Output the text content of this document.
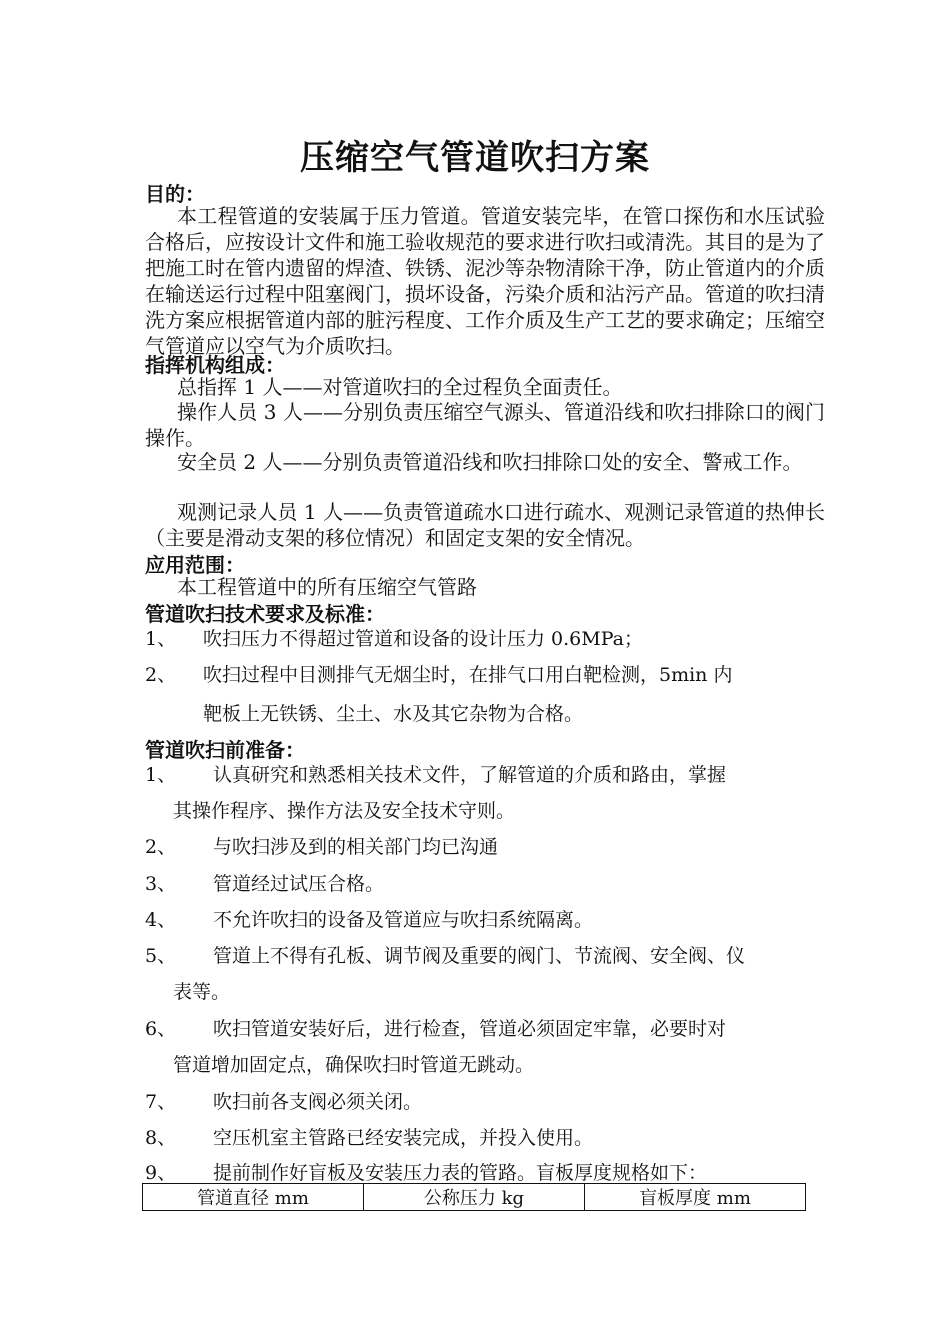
压缩空气管道吹扫方案
目的：
本工程管道的安装属于压力管道。管道安装完毕，在管口探伤和水压试验合格后，应按设计文件和施工验收规范的要求进行吹扫或清洗。其目的是为了把施工时在管内遗留的焊渣、铁锈、泥沙等杂物清除干净，防止管道内的介质在输送运行过程中阻塞阀门，损坏设备，污染介质和沾污产品。管道的吹扫清洗方案应根据管道内部的脏污程度、工作介质及生产工艺的要求确定；压缩空气管道应以空气为介质吹扫。
指挥机构组成：
总指挥 1 人——对管道吹扫的全过程负全面责任。
操作人员 3 人——分别负责压缩空气源头、管道沿线和吹扫排除口的阀门操作。
安全员 2 人——分别负责管道沿线和吹扫排除口处的安全、警戒工作。
观测记录人员 1 人——负责管道疏水口进行疏水、观测记录管道的热伸长（主要是滑动支架的移位情况）和固定支架的安全情况。
应用范围：
本工程管道中的所有压缩空气管路
管道吹扫技术要求及标准：
1、	吹扫压力不得超过管道和设备的设计压力 0.6MPa；
2、	吹扫过程中目测排气无烟尘时，在排气口用白靶检测，5min 内
靶板上无铁锈、尘土、水及其它杂物为合格。
管道吹扫前准备：
1、	认真研究和熟悉相关技术文件，了解管道的介质和路由，掌握
其操作程序、操作方法及安全技术守则。
2、	与吹扫涉及到的相关部门均已沟通
3、	管道经过试压合格。
4、	不允许吹扫的设备及管道应与吹扫系统隔离。
5、	管道上不得有孔板、调节阀及重要的阀门、节流阀、安全阀、仪
表等。
6、	吹扫管道安装好后，进行检查，管道必须固定牢靠，必要时对
管道增加固定点，确保吹扫时管道无跳动。
7、	吹扫前各支阀必须关闭。
8、	空压机室主管路已经安装完成，并投入使用。
9、	提前制作好盲板及安装压力表的管路。盲板厚度规格如下：
管道直径 mm	公称压力 kg	盲板厚度 mm
